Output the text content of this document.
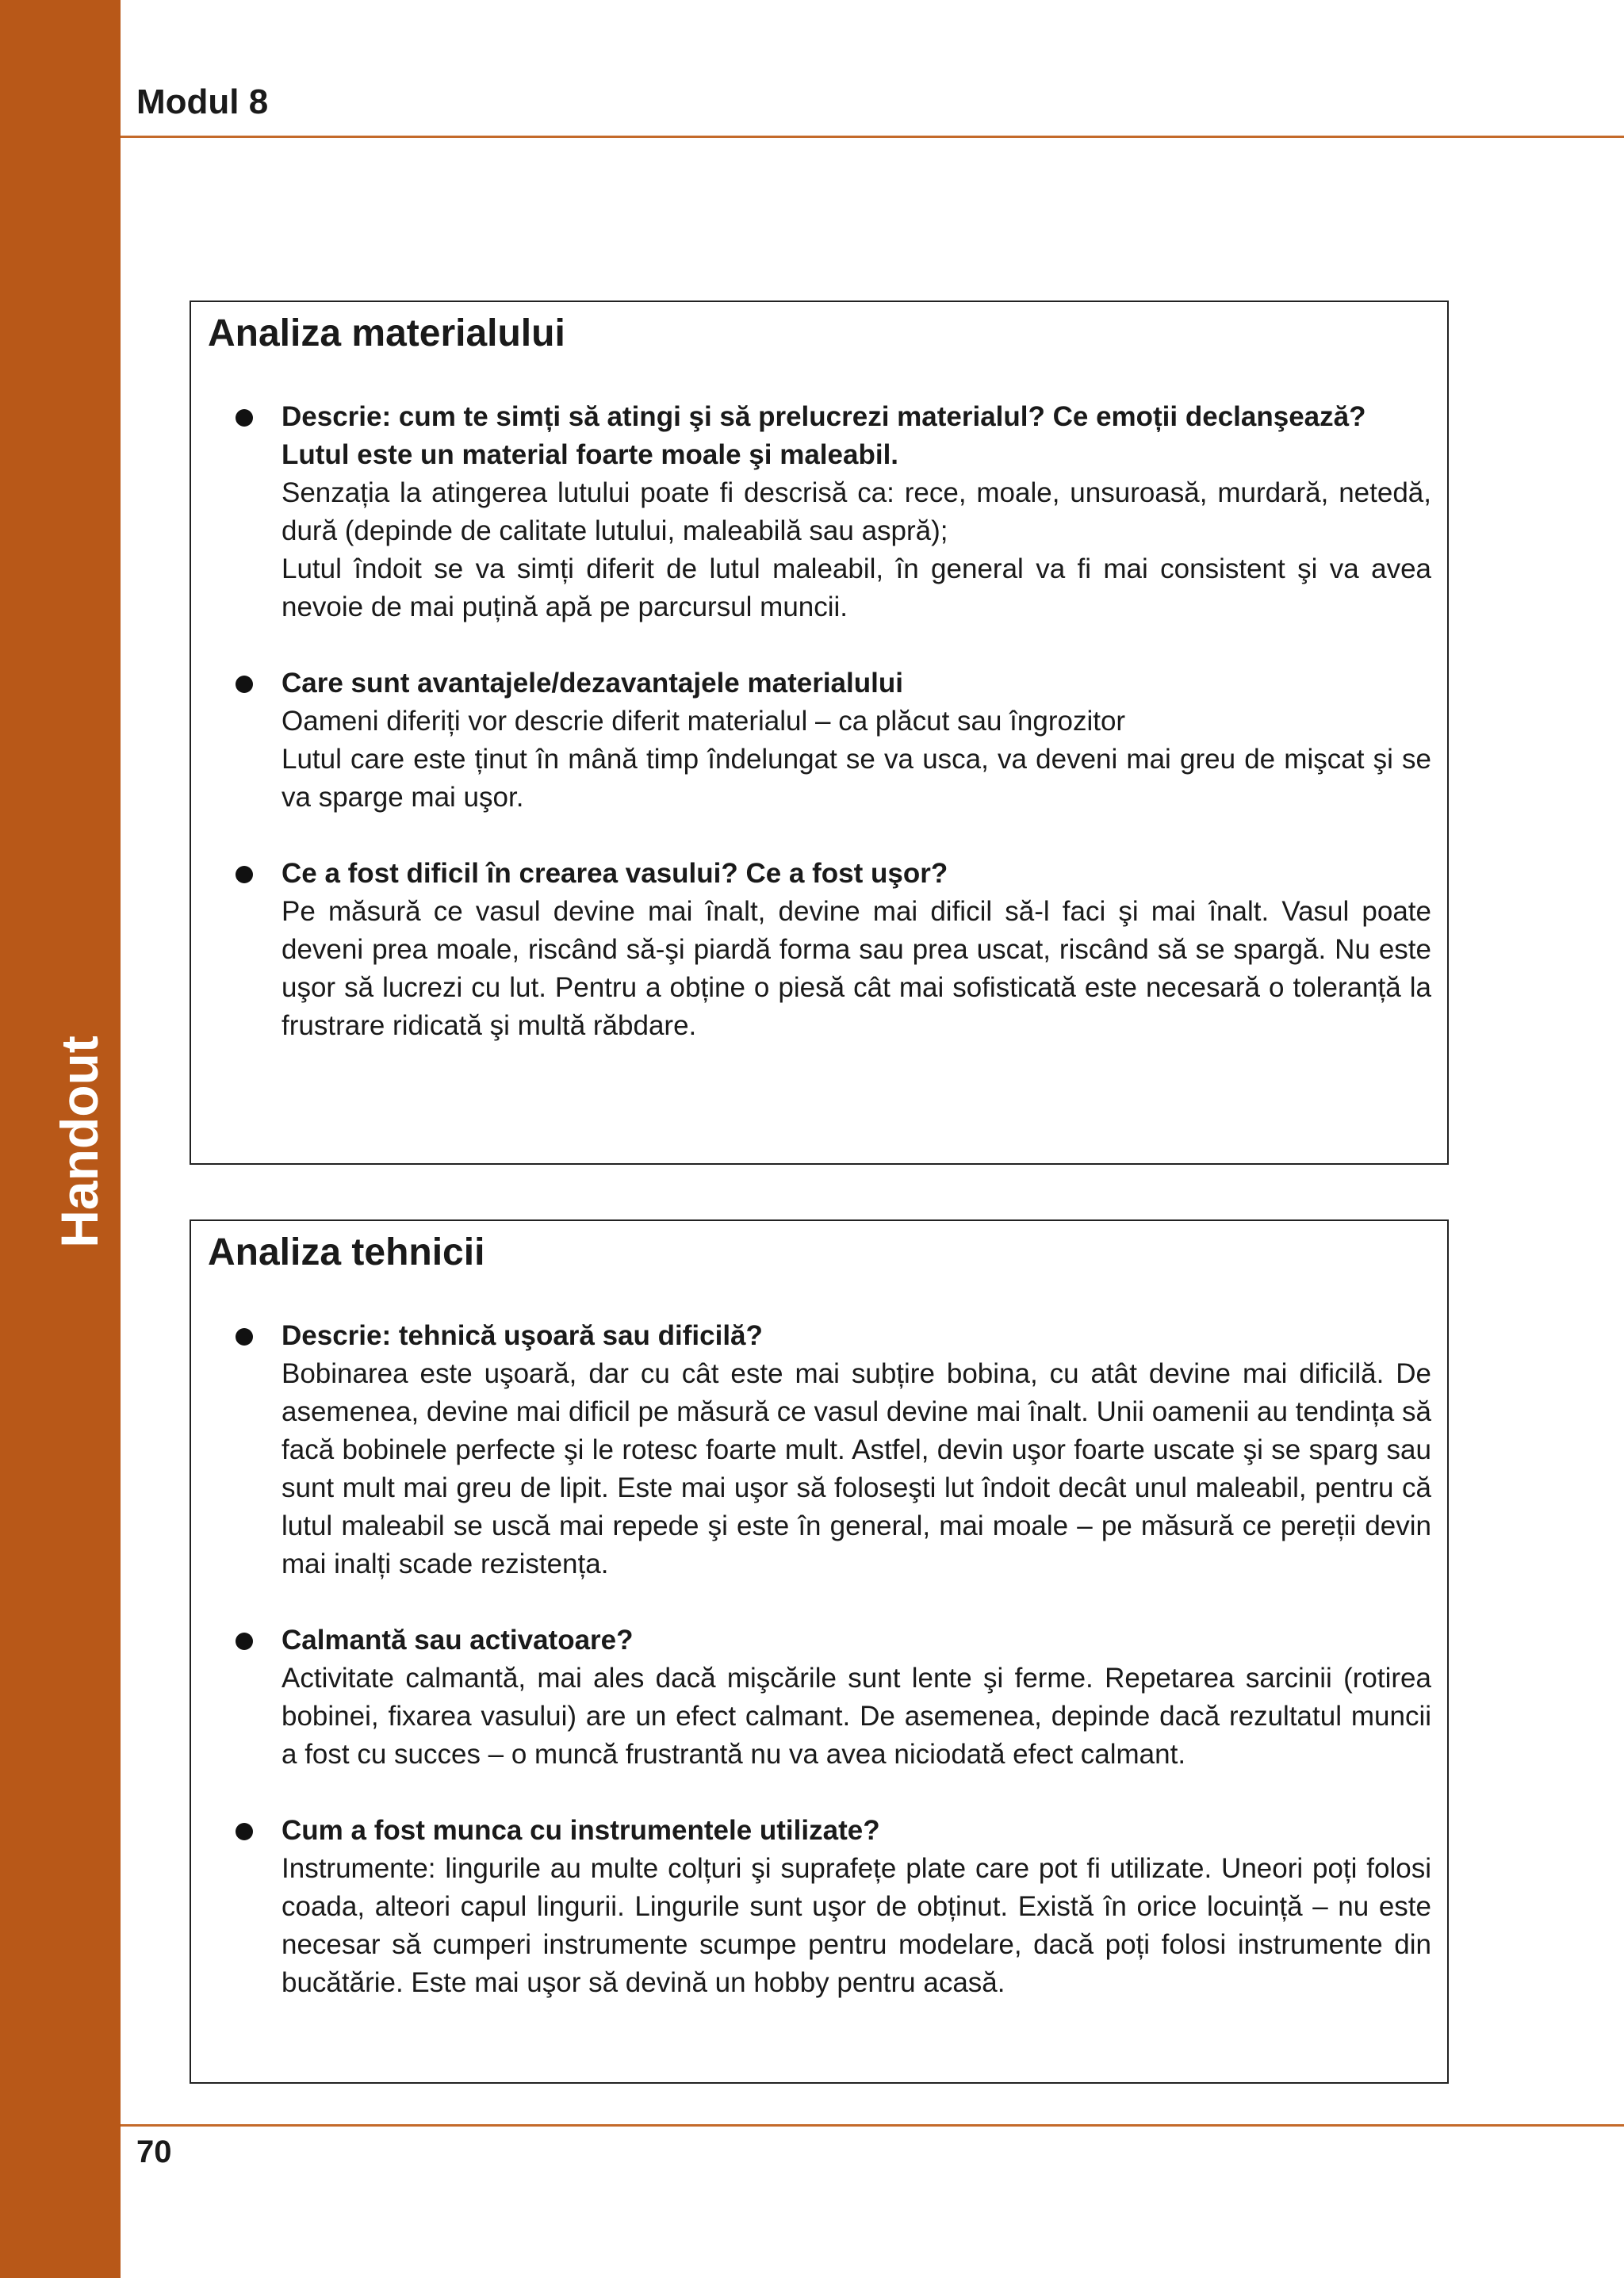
Handout
Modul 8
Analiza materialului
Descrie: cum te simți să atingi şi să prelucrezi materialul? Ce emoții declanşează?
Lutul este un material foarte moale şi maleabil.
Senzația la atingerea lutului poate fi descrisă ca: rece, moale, unsuroasă, murdară, netedă, dură (depinde de calitate lutului, maleabilă sau aspră);
Lutul îndoit se va simți diferit de lutul maleabil, în general va fi mai consistent şi va avea nevoie de mai puțină apă pe parcursul muncii.
Care sunt avantajele/dezavantajele materialului
Oameni diferiți vor descrie diferit materialul – ca plăcut sau îngrozitor
Lutul care este ținut în mână timp îndelungat se va usca, va deveni mai greu de mişcat şi se va sparge mai uşor.
Ce a fost dificil în crearea vasului? Ce a fost uşor?
Pe măsură ce vasul devine mai înalt, devine mai dificil să-l faci şi mai înalt. Vasul poate deveni prea moale, riscând să-şi piardă forma sau prea uscat, riscând să se spargă. Nu este uşor să lucrezi cu lut. Pentru a obține o piesă cât mai sofisticată este necesară o toleranță la frustrare ridicată şi multă răbdare.
Analiza tehnicii
Descrie: tehnică uşoară sau dificilă?
Bobinarea este uşoară, dar cu cât este mai subțire bobina, cu atât devine mai dificilă. De asemenea, devine mai dificil pe măsură ce vasul devine mai înalt. Unii oamenii au tendința să facă bobinele perfecte şi le rotesc foarte mult. Astfel, devin uşor foarte uscate şi se sparg sau sunt mult mai greu de lipit. Este mai uşor să foloseşti lut îndoit decât unul maleabil, pentru că lutul maleabil se uscă mai repede şi este în general, mai moale – pe măsură ce pereții devin mai inalți scade rezistența.
Calmantă sau activatoare?
Activitate calmantă, mai ales dacă mişcările sunt lente şi ferme. Repetarea sarcinii (rotirea bobinei, fixarea vasului) are un efect calmant. De asemenea, depinde dacă rezultatul muncii a fost cu succes – o muncă frustrantă nu va avea niciodată efect calmant.
Cum a fost munca cu instrumentele utilizate?
Instrumente: lingurile au multe colțuri şi suprafețe plate care pot fi utilizate. Uneori poți folosi coada, alteori capul lingurii. Lingurile sunt uşor de obținut. Există în orice locuință – nu este necesar să cumperi instrumente scumpe pentru modelare, dacă poți folosi instrumente din bucătărie. Este mai uşor să devină un hobby pentru acasă.
70
